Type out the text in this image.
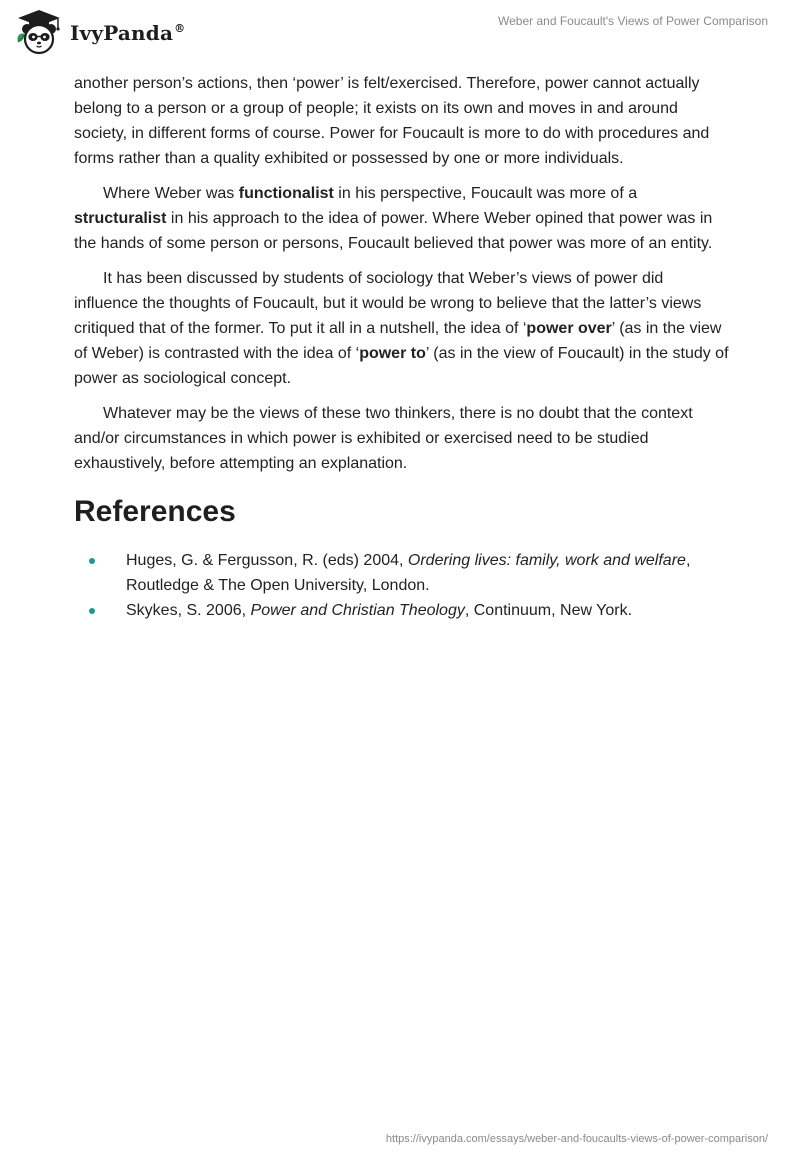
IvyPanda®
Weber and Foucault's Views of Power Comparison

another person’s actions, then ‘power’ is felt/exercised. Therefore, power cannot actually belong to a person or a group of people; it exists on its own and moves in and around society, in different forms of course. Power for Foucault is more to do with procedures and forms rather than a quality exhibited or possessed by one or more individuals.

Where Weber was functionalist in his perspective, Foucault was more of a structuralist in his approach to the idea of power. Where Weber opined that power was in the hands of some person or persons, Foucault believed that power was more of an entity.

It has been discussed by students of sociology that Weber’s views of power did influence the thoughts of Foucault, but it would be wrong to believe that the latter’s views critiqued that of the former. To put it all in a nutshell, the idea of ‘power over’ (as in the view of Weber) is contrasted with the idea of ‘power to’ (as in the view of Foucault) in the study of power as sociological concept.

Whatever may be the views of these two thinkers, there is no doubt that the context and/or circumstances in which power is exhibited or exercised need to be studied exhaustively, before attempting an explanation.

References
Huges, G. & Fergusson, R. (eds) 2004, Ordering lives: family, work and welfare, Routledge & The Open University, London.
Skykes, S. 2006, Power and Christian Theology, Continuum, New York.
https://ivypanda.com/essays/weber-and-foucaults-views-of-power-comparison/
